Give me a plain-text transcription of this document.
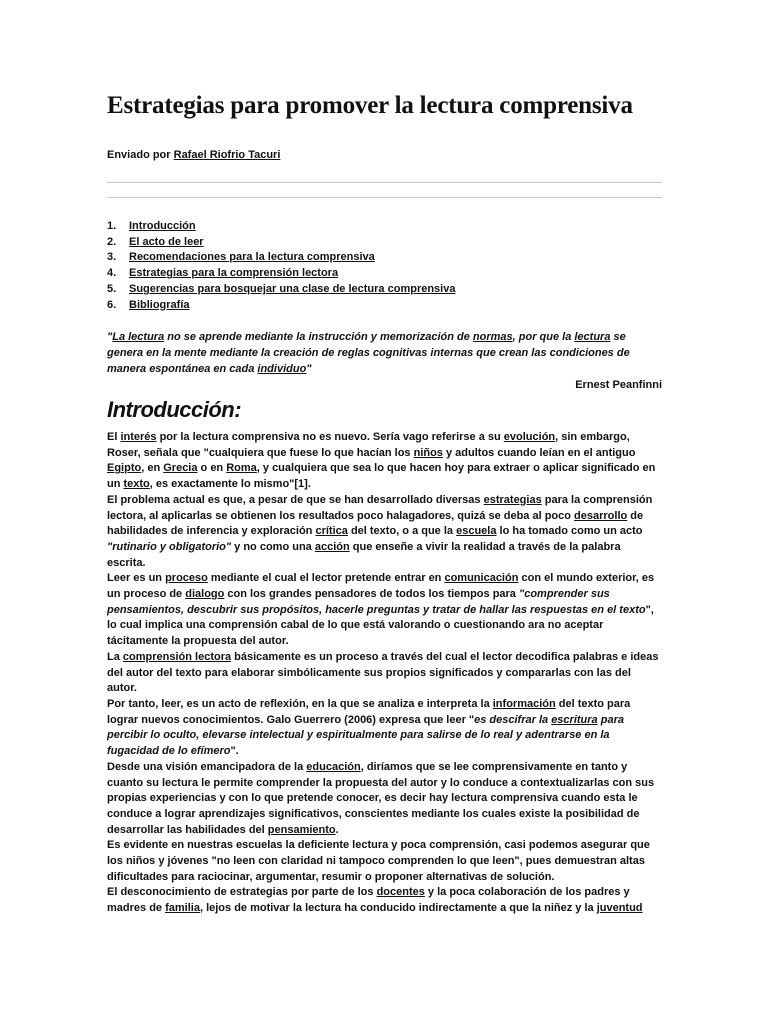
Estrategias para promover la lectura comprensiva
Enviado por Rafael Riofrio Tacuri
1.	Introducción
2.	El acto de leer
3.	Recomendaciones para la lectura comprensiva
4.	Estrategias para la comprensión lectora
5.	Sugerencias para bosquejar una clase de lectura comprensiva
6.	Bibliografía
"La lectura no se aprende mediante la instrucción y memorización de normas, por que la lectura se genera en la mente mediante la creación de reglas cognitivas internas que crean las condiciones de manera espontánea en cada individuo"
Ernest Peanfinni
Introducción:

El interés por la lectura comprensiva no es nuevo. Sería vago referirse a su evolución, sin embargo, Roser, señala que "cualquiera que fuese lo que hacían los niños y adultos cuando leían en el antiguo Egipto, en Grecia o en Roma, y cualquiera que sea lo que hacen hoy para extraer o aplicar significado en un texto, es exactamente lo mismo"[1].

El problema actual es que, a pesar de que se han desarrollado diversas estrategias para la comprensión lectora, al aplicarlas se obtienen los resultados poco halagadores, quizá se deba al poco desarrollo de habilidades de inferencia y exploración crítica del texto, o a que la escuela lo ha tomado como un acto "rutinario y obligatorio" y no como una acción que enseñe a vivir la realidad a través de la palabra escrita.

Leer es un proceso mediante el cual el lector pretende entrar en comunicación con el mundo exterior, es un proceso de dialogo con los grandes pensadores de todos los tiempos para "comprender sus pensamientos, descubrir sus propósitos, hacerle preguntas y tratar de hallar las respuestas en el texto", lo cual implica una comprensión cabal de lo que está valorando o cuestionando ara no aceptar tácitamente la propuesta del autor.

La comprensión lectora básicamente es un proceso a través del cual el lector decodifica palabras e ideas del autor del texto para elaborar simbólicamente sus propios significados y compararlas con las del autor.

Por tanto, leer, es un acto de reflexión, en la que se analiza e interpreta la información del texto para lograr nuevos conocimientos. Galo Guerrero (2006) expresa que leer "es descifrar la escritura para percibir lo oculto, elevarse intelectual y espiritualmente para salirse de lo real y adentrarse en la fugacidad de lo efímero".

Desde una visión emancipadora de la educación, diríamos que se lee comprensivamente en tanto y cuanto su lectura le permite comprender la propuesta del autor y lo conduce a contextualizarlas con sus propias experiencias y con lo que pretende conocer, es decir hay lectura comprensiva cuando esta le conduce a lograr aprendizajes significativos, conscientes mediante los cuales existe la posibilidad de desarrollar las habilidades del pensamiento.

Es evidente en nuestras escuelas la deficiente lectura y poca comprensión, casi podemos asegurar que los niños y jóvenes "no leen con claridad ni tampoco comprenden lo que leen", pues demuestran altas dificultades para raciocinar, argumentar, resumir o proponer alternativas de solución.

El desconocimiento de estrategias por parte de los docentes y la poca colaboración de los padres y madres de familia, lejos de motivar la lectura ha conducido indirectamente a que la niñez y la juventud
